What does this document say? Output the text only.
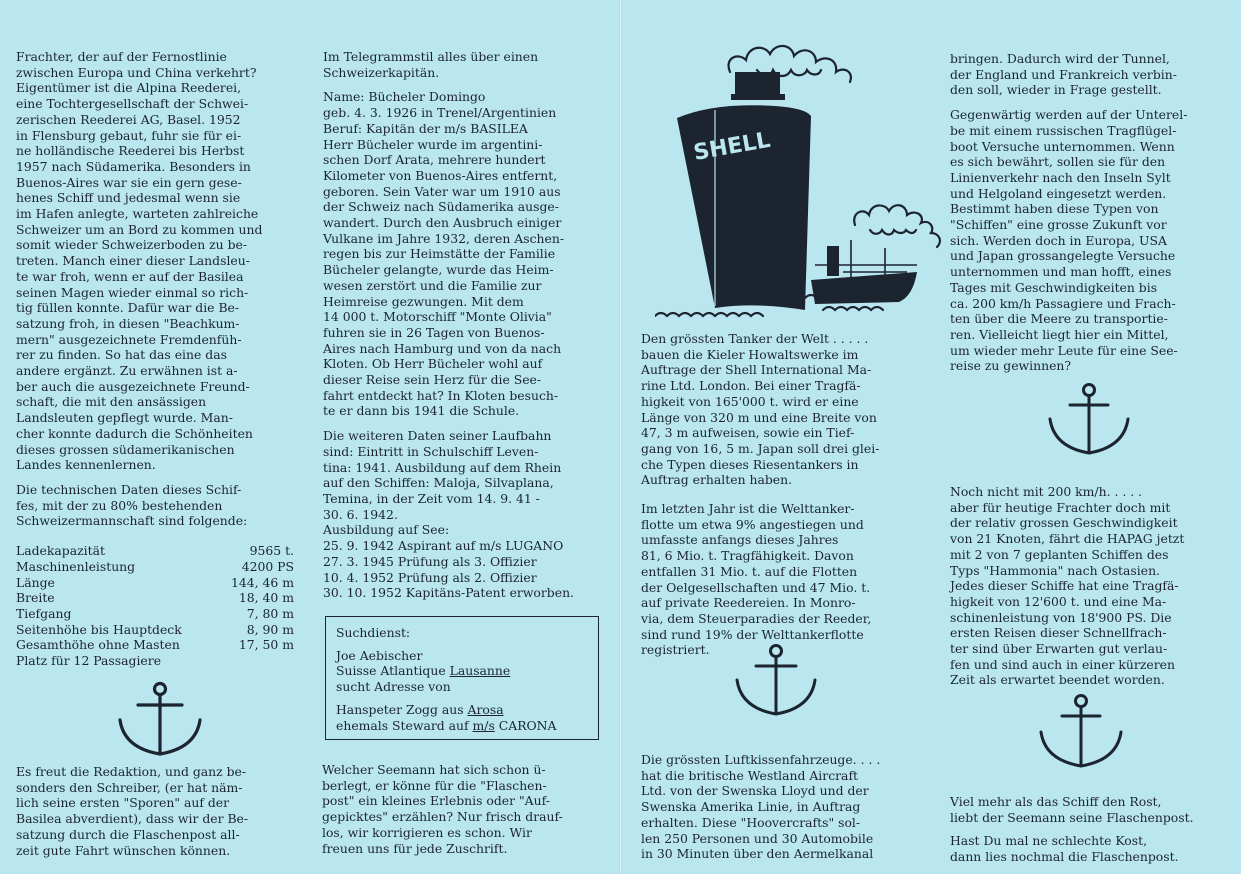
Frachter, der auf der Fernostlinie
zwischen Europa und China verkehrt?
Eigentümer ist die Alpina Reederei,
eine Tochtergesellschaft der Schwei-
zerischen Reederei AG, Basel. 1952
in Flensburg gebaut, fuhr sie für ei-
ne holländische Reederei bis Herbst
1957 nach Südamerika. Besonders in
Buenos-Aires war sie ein gern gese-
henes Schiff und jedesmal wenn sie
im Hafen anlegte, warteten zahlreiche
Schweizer um an Bord zu kommen und
somit wieder Schweizerboden zu be-
treten. Manch einer dieser Landsleu-
te war froh, wenn er auf der Basilea
seinen Magen wieder einmal so rich-
tig füllen konnte. Dafür war die Be-
satzung froh, in diesen "Beachkum-
mern" ausgezeichnete Fremdenfüh-
rer zu finden. So hat das eine das
andere ergänzt. Zu erwähnen ist a-
ber auch die ausgezeichnete Freund-
schaft, die mit den ansässigen
Landsleuten gepflegt wurde. Man-
cher konnte dadurch die Schönheiten
dieses grossen südamerikanischen
Landes kennenlernen.

Die technischen Daten dieses Schif-
fes, mit der zu 80% bestehenden
Schweizermannschaft sind folgende:

Ladekapazität	9565 t.
Maschinenleistung	4200 PS
Länge	144, 46 m
Breite	18, 40 m
Tiefgang	7, 80 m
Seitenhöhe bis Hauptdeck	8, 90 m
Gesamthöhe ohne Masten	17, 50 m
Platz für 12 Passagiere	
Es freut die Redaktion, und ganz be-
sonders den Schreiber, (er hat näm-
lich seine ersten "Sporen" auf der
Basilea abverdient), dass wir der Be-
satzung durch die Flaschenpost all-
zeit gute Fahrt wünschen können.

Im Telegrammstil alles über einen
Schweizerkapitän.

Name: Bücheler Domingo
geb. 4. 3. 1926 in Trenel/Argentinien
Beruf: Kapitän der m/s BASILEA
Herr Bücheler wurde im argentini-
schen Dorf Arata, mehrere hundert
Kilometer von Buenos-Aires entfernt,
geboren. Sein Vater war um 1910 aus
der Schweiz nach Südamerika ausge-
wandert. Durch den Ausbruch einiger
Vulkane im Jahre 1932, deren Aschen-
regen bis zur Heimstätte der Familie
Bücheler gelangte, wurde das Heim-
wesen zerstört und die Familie zur
Heimreise gezwungen. Mit dem
14 000 t. Motorschiff "Monte Olivia"
fuhren sie in 26 Tagen von Buenos-
Aires nach Hamburg und von da nach
Kloten. Ob Herr Bücheler wohl auf
dieser Reise sein Herz für die See-
fahrt entdeckt hat? In Kloten besuch-
te er dann bis 1941 die Schule.

Die weiteren Daten seiner Laufbahn
sind: Eintritt in Schulschiff Leven-
tina: 1941. Ausbildung auf dem Rhein
auf den Schiffen: Maloja, Silvaplana,
Temina, in der Zeit vom 14. 9. 41 -
30. 6. 1942.
Ausbildung auf See:
25. 9. 1942 Aspirant auf m/s LUGANO
27. 3. 1945 Prüfung als 3. Offizier
10. 4. 1952 Prüfung als 2. Offizier
30. 10. 1952 Kapitäns-Patent erworben.

Suchdienst:

Joe Aebischer
Suisse Atlantique Lausanne
sucht Adresse von

Hanspeter Zogg aus Arosa
ehemals Steward auf m/s CARONA

Welcher Seemann hat sich schon ü-
berlegt, er könne für die "Flaschen-
post" ein kleines Erlebnis oder "Auf-
gepicktes" erzählen? Nur frisch drauf-
los, wir korrigieren es schon. Wir
freuen uns für jede Zuschrift.
SHELL

Den grössten Tanker der Welt . . . . .
bauen die Kieler Howaltswerke im
Auftrage der Shell International Ma-
rine Ltd. London. Bei einer Tragfä-
higkeit von 165'000 t. wird er eine
Länge von 320 m und eine Breite von
47, 3 m aufweisen, sowie ein Tief-
gang von 16, 5 m. Japan soll drei glei-
che Typen dieses Riesentankers in
Auftrag erhalten haben.

Im letzten Jahr ist die Welttanker-
flotte um etwa 9% angestiegen und
umfasste anfangs dieses Jahres
81, 6 Mio. t. Tragfähigkeit. Davon
entfallen 31 Mio. t. auf die Flotten
der Oelgesellschaften und 47 Mio. t.
auf private Reedereien. In Monro-
via, dem Steuerparadies der Reeder,
sind rund 19% der Welttankerflotte
registriert.

Die grössten Luftkissenfahrzeuge. . . .
hat die britische Westland Aircraft
Ltd. von der Swenska Lloyd und der
Swenska Amerika Linie, in Auftrag
erhalten. Diese "Hoovercrafts" sol-
len 250 Personen und 30 Automobile
in 30 Minuten über den Aermelkanal

bringen. Dadurch wird der Tunnel,
der England und Frankreich verbin-
den soll, wieder in Frage gestellt.

Gegenwärtig werden auf der Unterel-
be mit einem russischen Tragflügel-
boot Versuche unternommen. Wenn
es sich bewährt, sollen sie für den
Linienverkehr nach den Inseln Sylt
und Helgoland eingesetzt werden.
Bestimmt haben diese Typen von
"Schiffen" eine grosse Zukunft vor
sich. Werden doch in Europa, USA
und Japan grossangelegte Versuche
unternommen und man hofft, eines
Tages mit Geschwindigkeiten bis
ca. 200 km/h Passagiere und Frach-
ten über die Meere zu transportie-
ren. Vielleicht liegt hier ein Mittel,
um wieder mehr Leute für eine See-
reise zu gewinnen?

Noch nicht mit 200 km/h. . . . .
aber für heutige Frachter doch mit
der relativ grossen Geschwindigkeit
von 21 Knoten, fährt die HAPAG jetzt
mit 2 von 7 geplanten Schiffen des
Typs "Hammonia" nach Ostasien.
Jedes dieser Schiffe hat eine Tragfä-
higkeit von 12'600 t. und eine Ma-
schinenleistung von 18'900 PS. Die
ersten Reisen dieser Schnellfrach-
ter sind über Erwarten gut verlau-
fen und sind auch in einer kürzeren
Zeit als erwartet beendet worden.

Viel mehr als das Schiff den Rost,
liebt der Seemann seine Flaschenpost.

Hast Du mal ne schlechte Kost,
dann lies nochmal die Flaschenpost.
